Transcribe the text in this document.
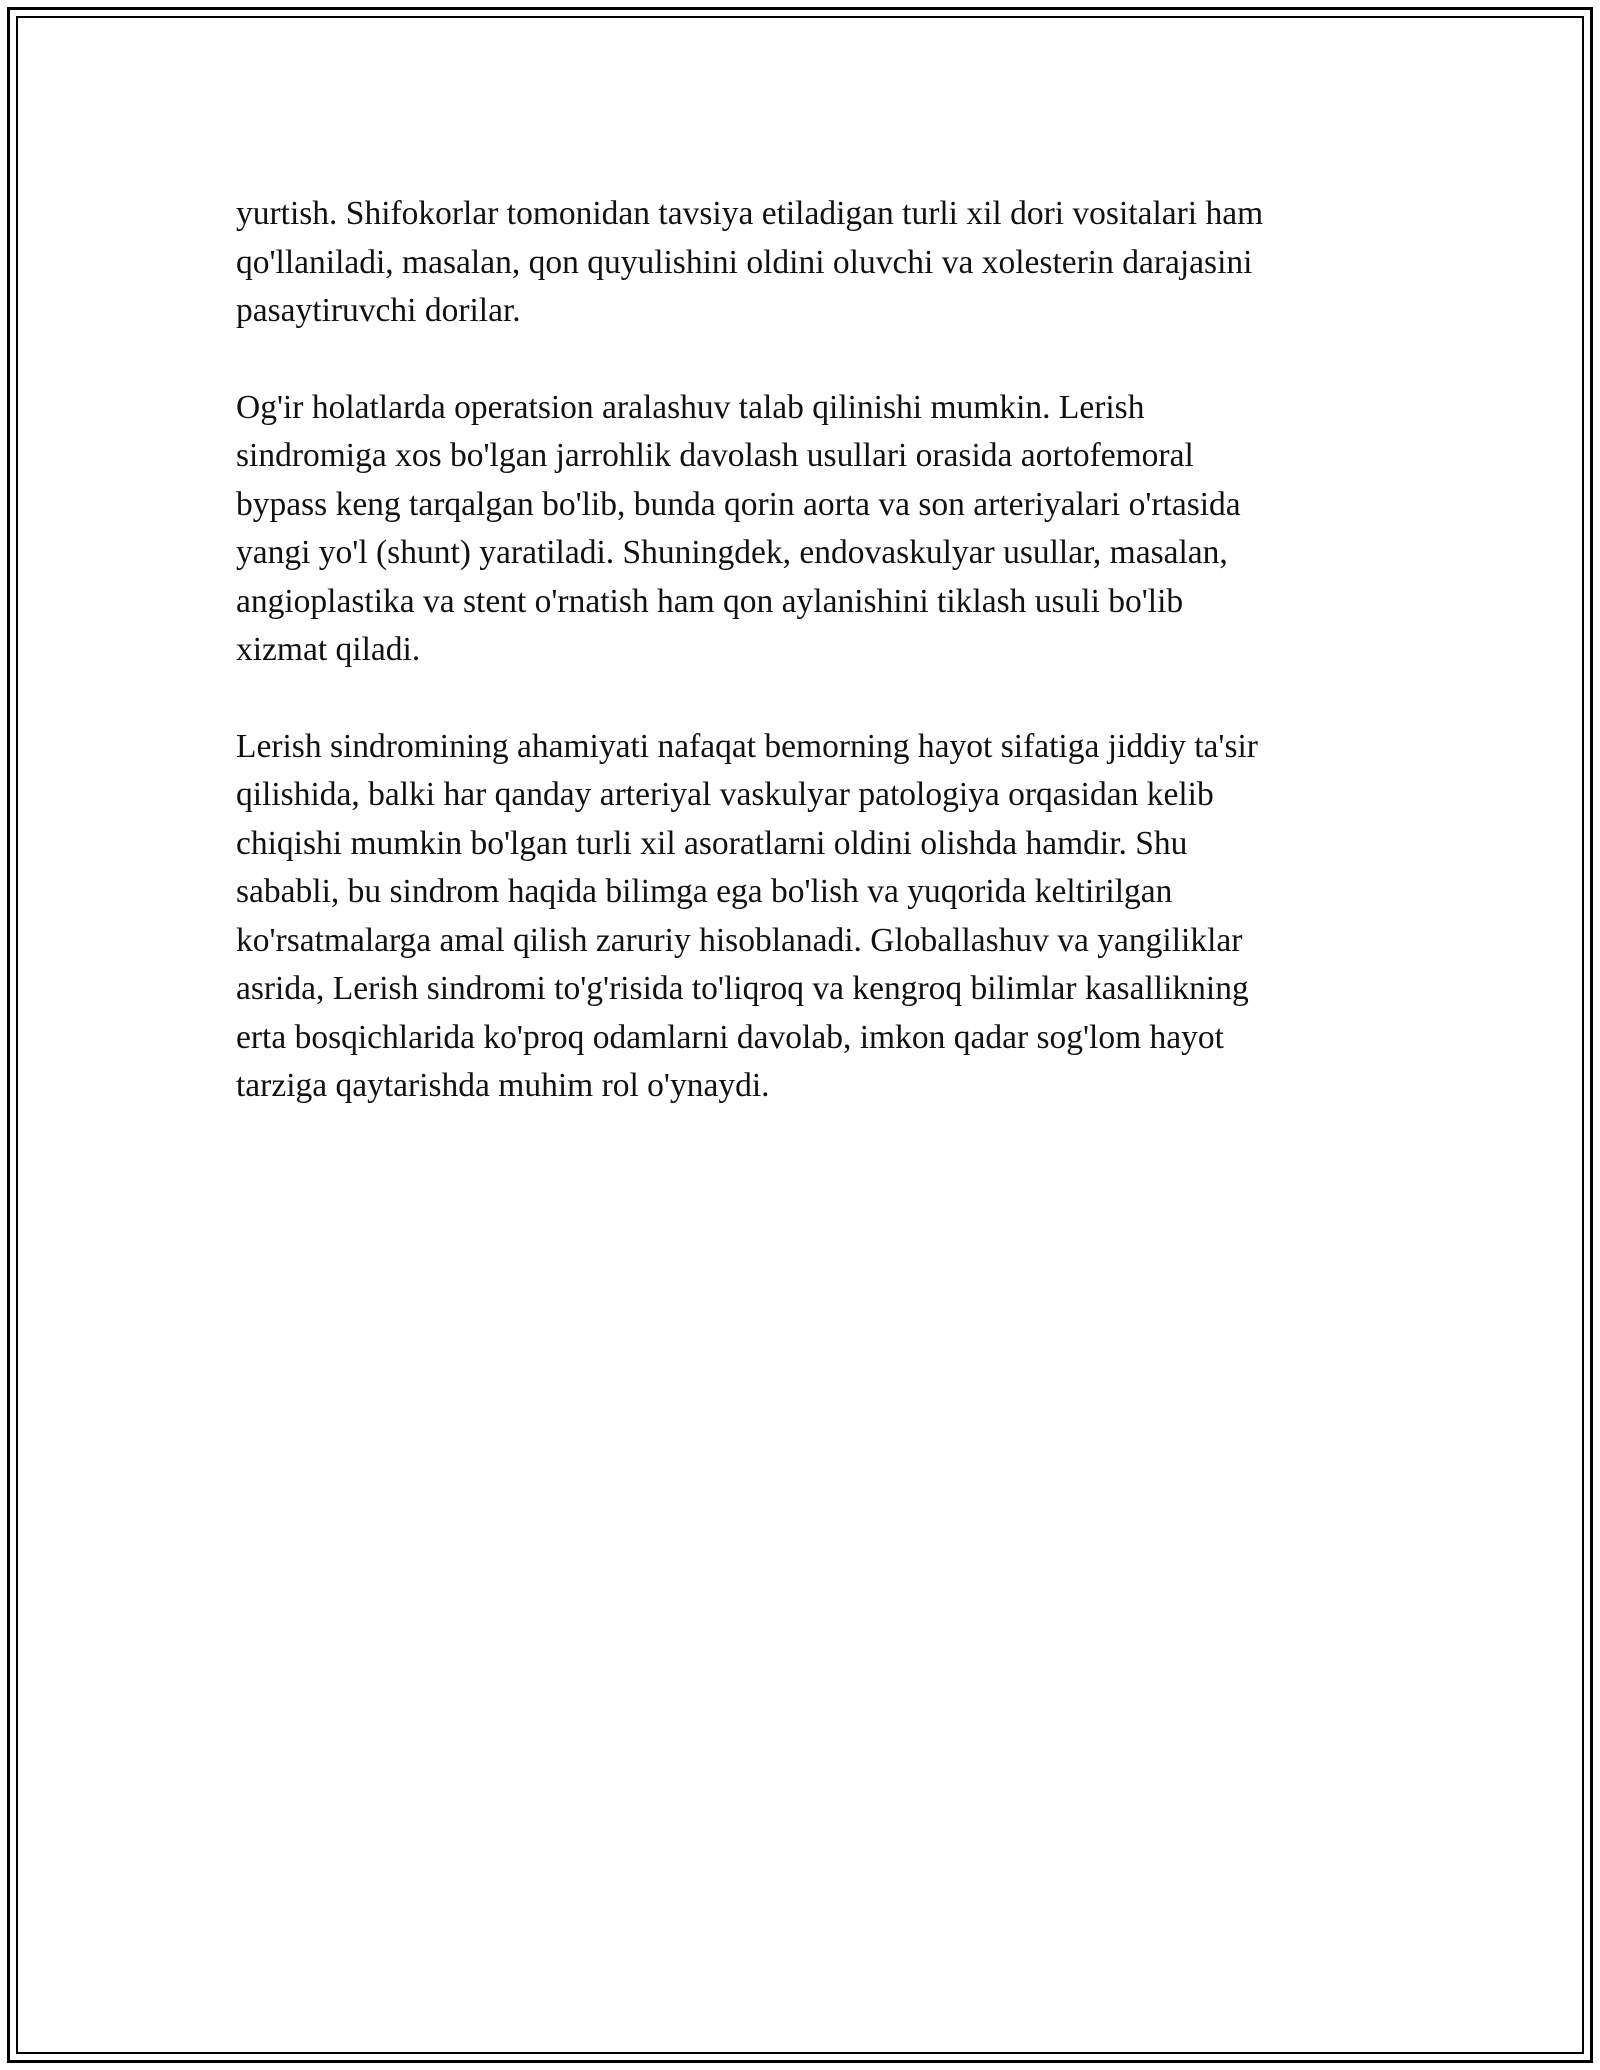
yurtish. Shifokorlar tomonidan tavsiya etiladigan turli xil dori vositalari ham
qo'llaniladi, masalan, qon quyulishini oldini oluvchi va xolesterin darajasini
pasaytiruvchi dorilar.

Og'ir holatlarda operatsion aralashuv talab qilinishi mumkin. Lerish
sindromiga xos bo'lgan jarrohlik davolash usullari orasida aortofemoral
bypass keng tarqalgan bo'lib, bunda qorin aorta va son arteriyalari o'rtasida
yangi yo'l (shunt) yaratiladi. Shuningdek, endovaskulyar usullar, masalan,
angioplastika va stent o'rnatish ham qon aylanishini tiklash usuli bo'lib
xizmat qiladi.

Lerish sindromining ahamiyati nafaqat bemorning hayot sifatiga jiddiy ta'sir
qilishida, balki har qanday arteriyal vaskulyar patologiya orqasidan kelib
chiqishi mumkin bo'lgan turli xil asoratlarni oldini olishda hamdir. Shu
sababli, bu sindrom haqida bilimga ega bo'lish va yuqorida keltirilgan
ko'rsatmalarga amal qilish zaruriy hisoblanadi. Globallashuv va yangiliklar
asrida, Lerish sindromi to'g'risida to'liqroq va kengroq bilimlar kasallikning
erta bosqichlarida ko'proq odamlarni davolab, imkon qadar sog'lom hayot
tarziga qaytarishda muhim rol o'ynaydi.
